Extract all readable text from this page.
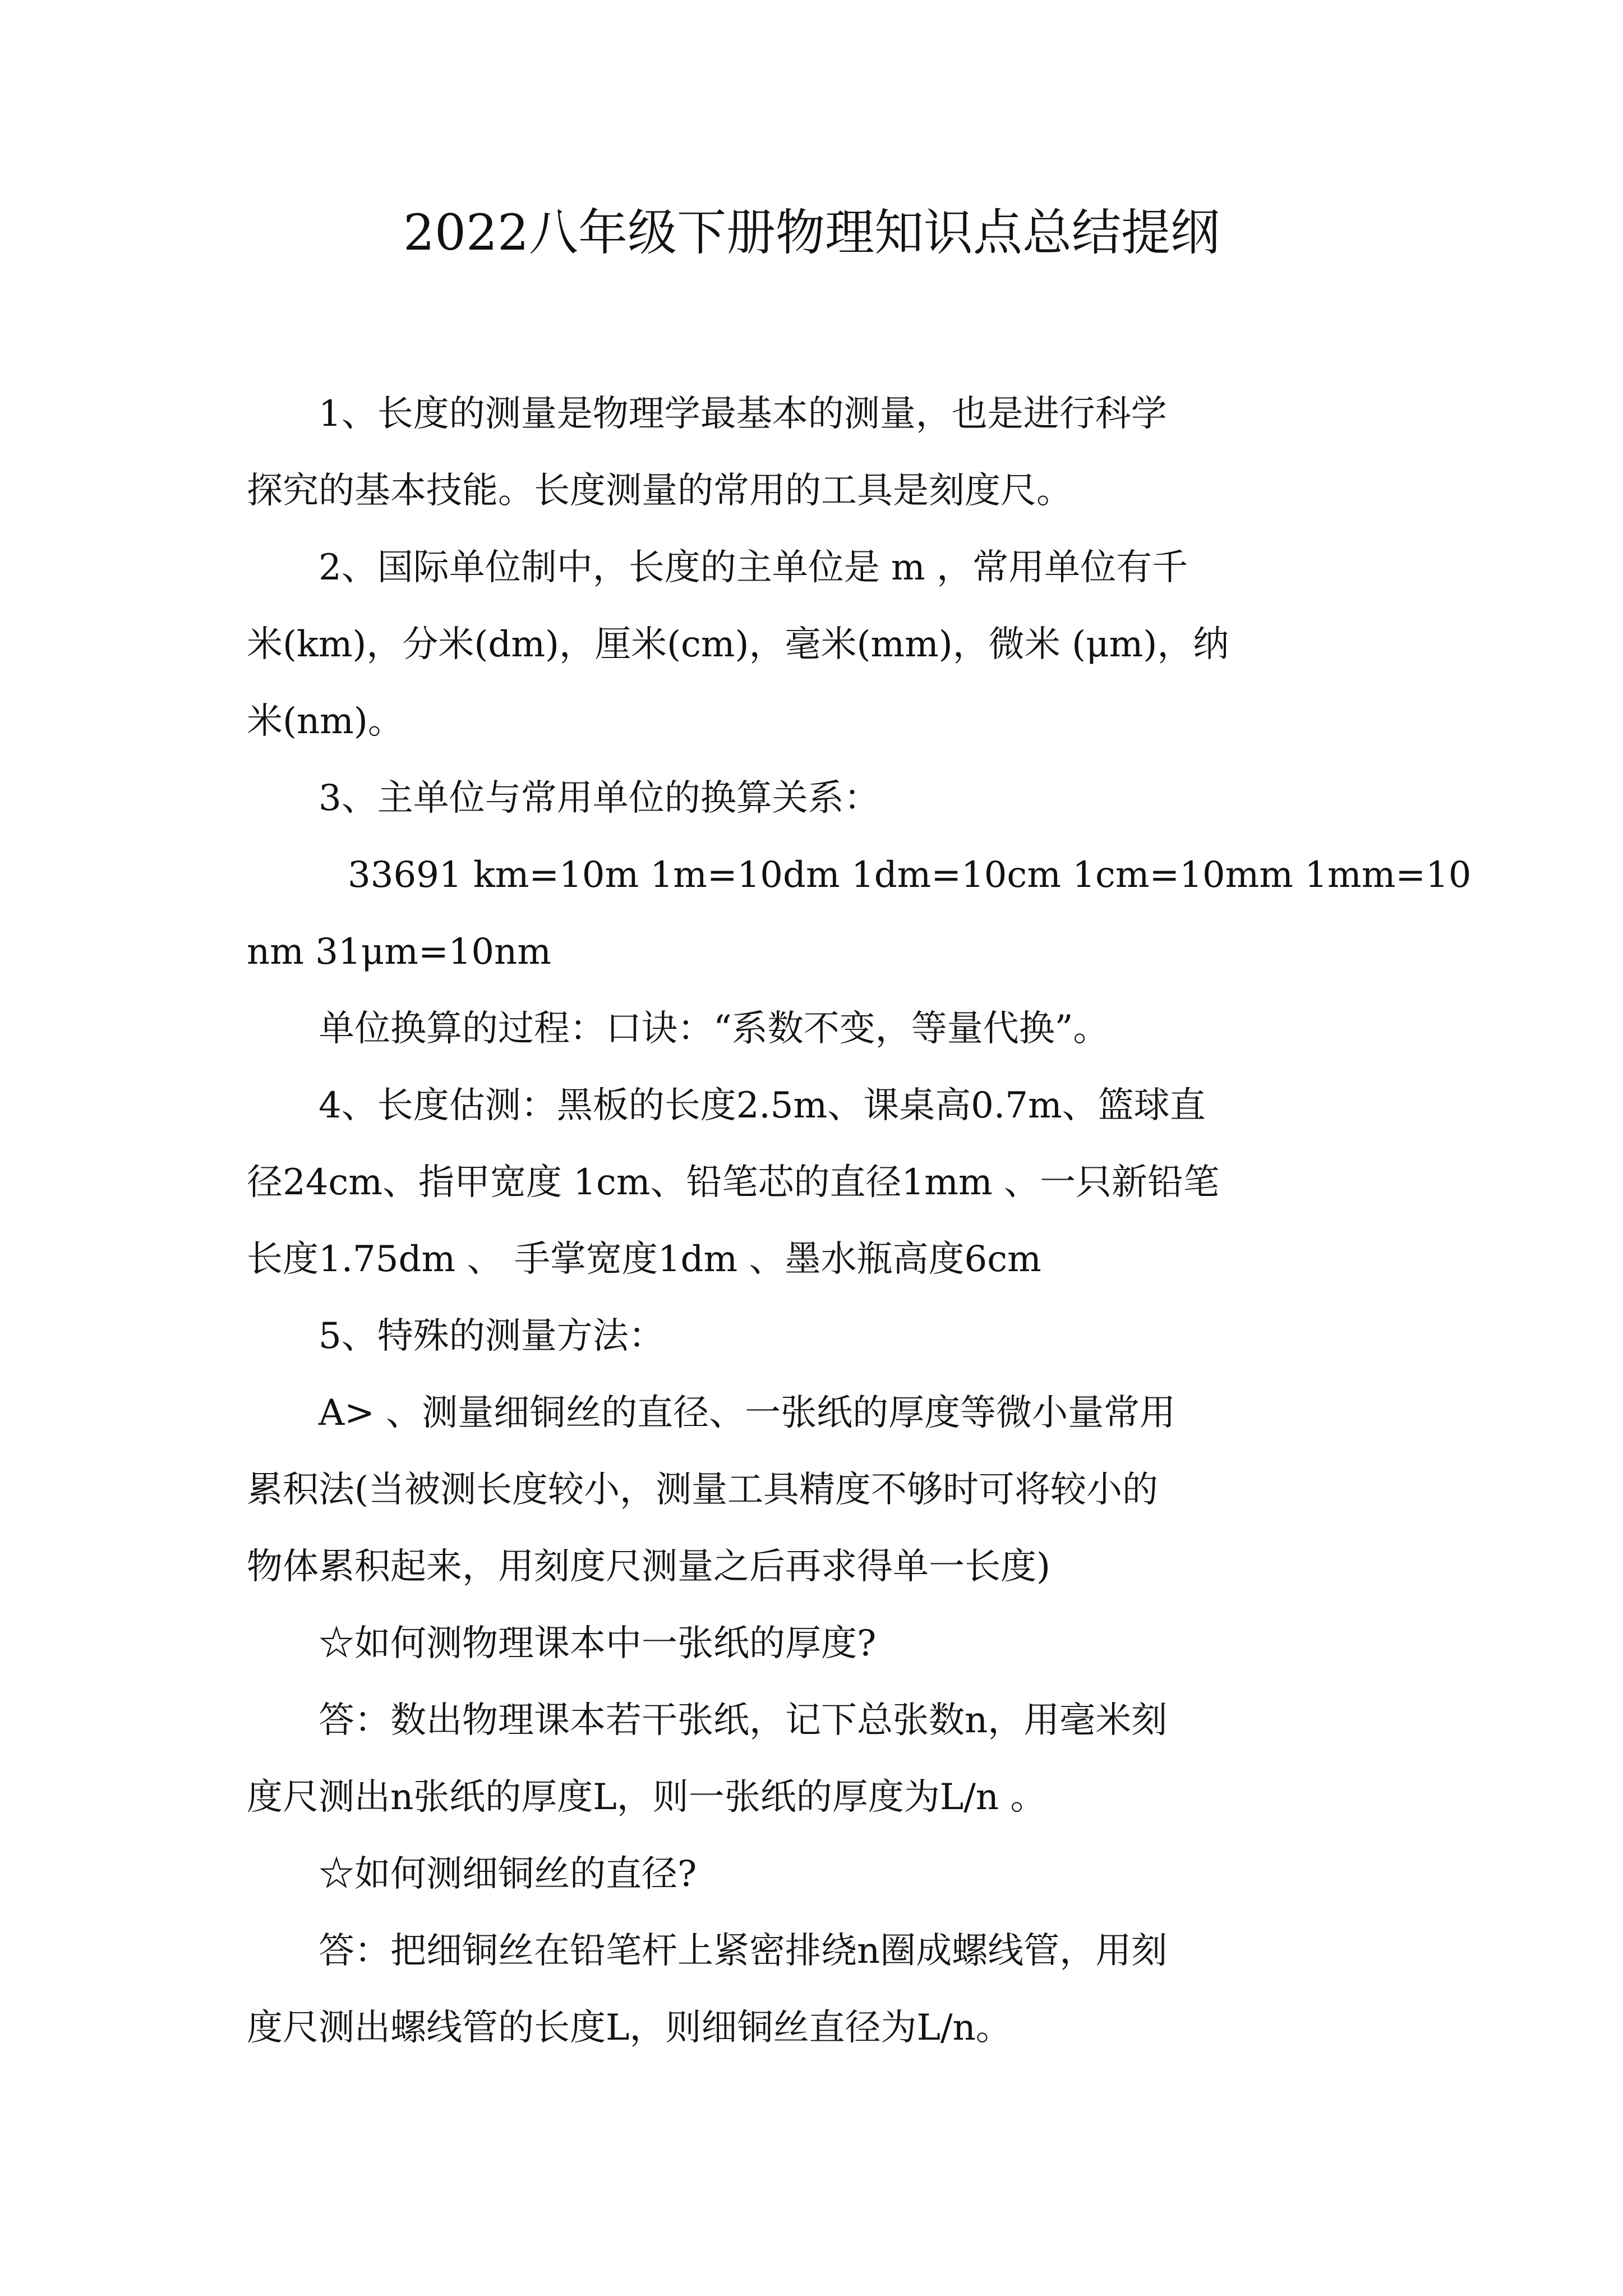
2022八年级下册物理知识点总结提纲
1、长度的测量是物理学最基本的测量，也是进行科学
探究的基本技能。长度测量的常用的工具是刻度尺。
2、国际单位制中，长度的主单位是 m ，常用单位有千
米(km)，分米(dm)，厘米(cm)，毫米(mm)，微米 (μm)，纳
米(nm)。
3、主单位与常用单位的换算关系：
33691 km=10m 1m=10dm 1dm=10cm 1cm=10mm 1mm=10
nm 31μm=10nm
单位换算的过程：口诀：“系数不变，等量代换”。
4、长度估测：黑板的长度2.5m、课桌高0.7m、篮球直
径24cm、指甲宽度 1cm、铅笔芯的直径1mm 、一只新铅笔
长度1.75dm 、 手掌宽度1dm 、墨水瓶高度6cm
5、特殊的测量方法：
A> 、测量细铜丝的直径、一张纸的厚度等微小量常用
累积法(当被测长度较小，测量工具精度不够时可将较小的
物体累积起来，用刻度尺测量之后再求得单一长度)
☆如何测物理课本中一张纸的厚度?
答：数出物理课本若干张纸，记下总张数n，用毫米刻
度尺测出n张纸的厚度L，则一张纸的厚度为L/n 。
☆如何测细铜丝的直径?
答：把细铜丝在铅笔杆上紧密排绕n圈成螺线管，用刻
度尺测出螺线管的长度L，则细铜丝直径为L/n。
